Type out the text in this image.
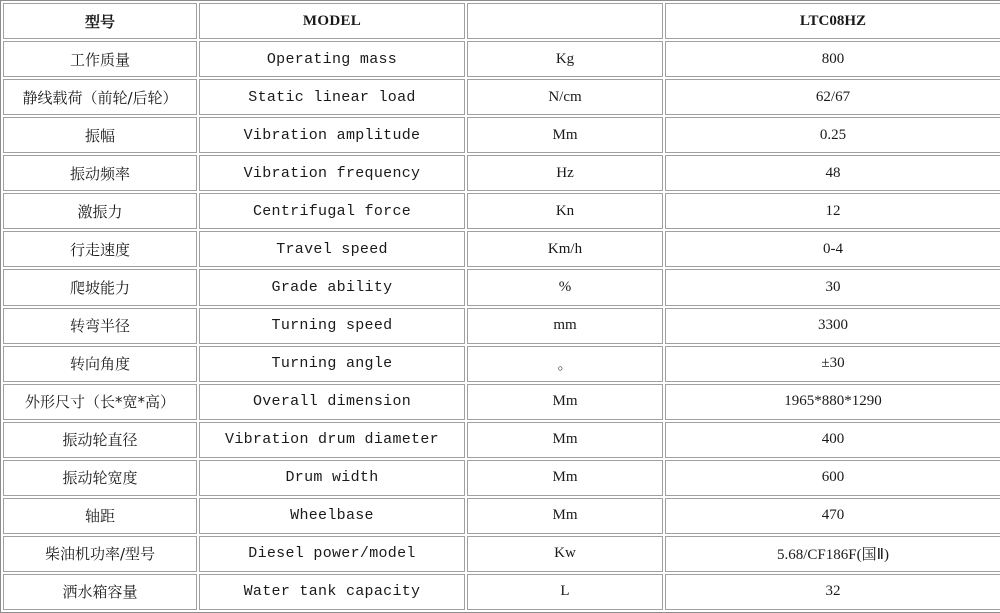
型号	MODEL		LTC08HZ
工作质量	Operating mass	Kg	800
静线载荷（前轮/后轮）	Static linear load	N/cm	62/67
振幅	Vibration amplitude	Mm	0.25
振动频率	Vibration frequency	Hz	48
激振力	Centrifugal force	Kn	12
行走速度	Travel speed	Km/h	0-4
爬坡能力	Grade ability	%	30
转弯半径	Turning speed	mm	3300
转向角度	Turning angle	。	±30
外形尺寸（长*宽*高）	Overall dimension	Mm	1965*880*1290
振动轮直径	Vibration drum diameter	Mm	400
振动轮宽度	Drum width	Mm	600
轴距	Wheelbase	Mm	470
柴油机功率/型号	Diesel power/model	Kw	5.68/CF186F(国Ⅱ)
洒水箱容量	Water tank capacity	L	32
